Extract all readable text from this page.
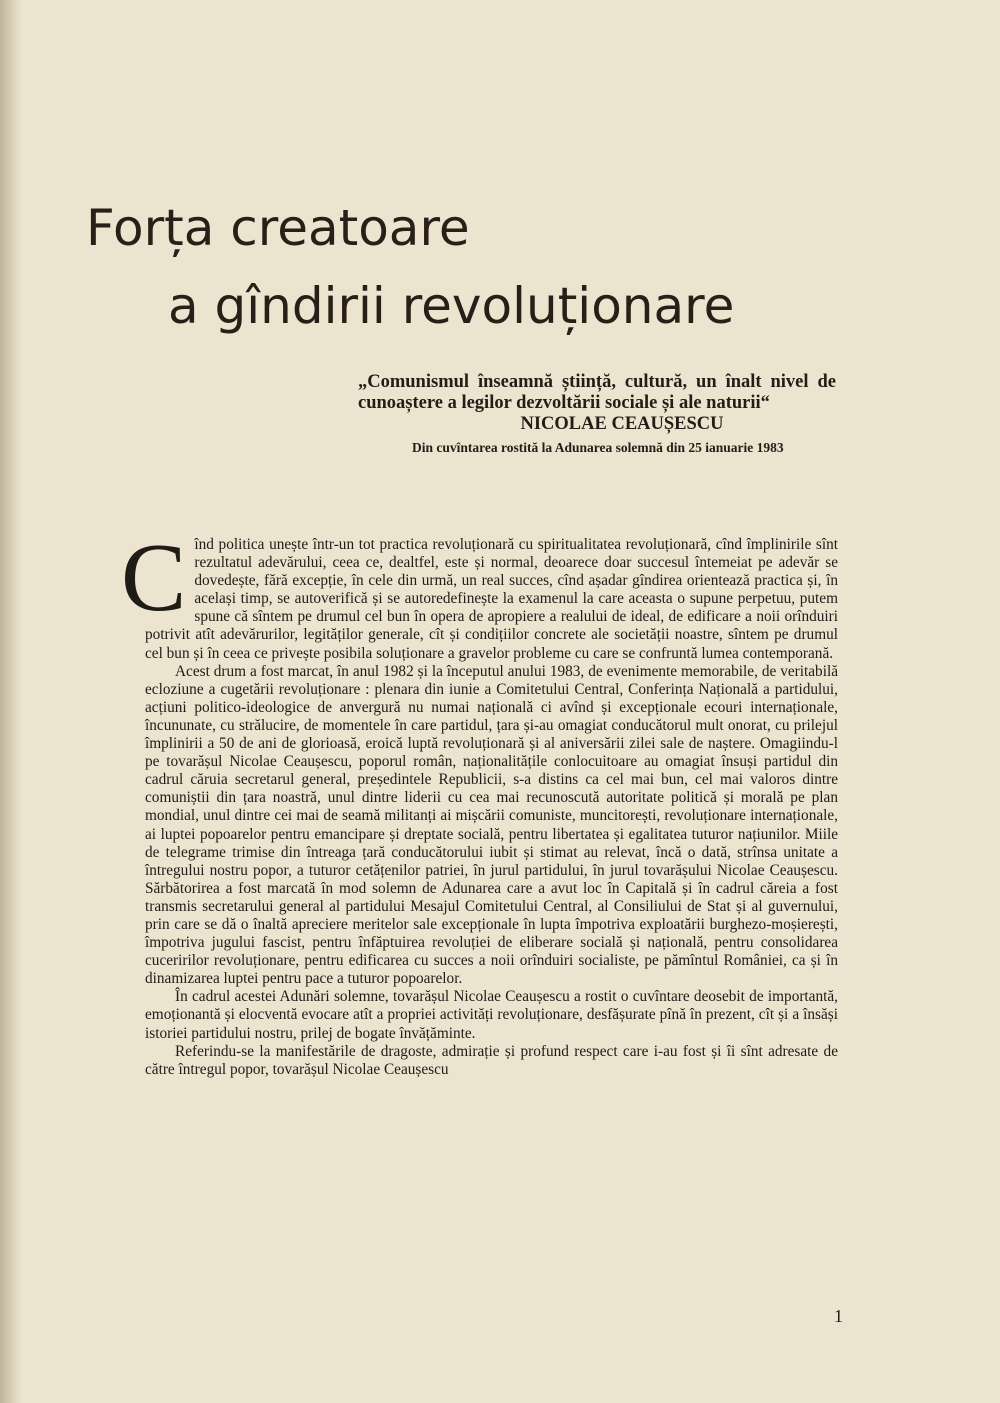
Forța creatoare
a gîndirii revoluționare
„Comunismul înseamnă știință, cultură, un înalt nivel de cunoaștere a legilor dezvoltării sociale și ale naturii“
NICOLAE CEAUȘESCU
Din cuvîntarea rostită la Adunarea solemnă din 25 ianuarie 1983

Cînd politica unește într-un tot practica revoluționară cu spiritualitatea revoluționară, cînd împlinirile sînt rezultatul adevărului, ceea ce, dealtfel, este și normal, deoarece doar succesul întemeiat pe adevăr se dovedește, fără excepție, în cele din urmă, un real succes, cînd așadar gîndirea orientează practica și, în același timp, se autoverifică și se autoredefinește la examenul la care aceasta o supune perpetuu, putem spune că sîntem pe drumul cel bun în opera de apropiere a realului de ideal, de edificare a noii orînduiri potrivit atît adevărurilor, legităților generale, cît și condițiilor concrete ale societății noastre, sîntem pe drumul cel bun și în ceea ce privește posibila soluționare a gravelor probleme cu care se confruntă lumea contemporană.

Acest drum a fost marcat, în anul 1982 și la începutul anului 1983, de evenimente memorabile, de veritabilă ecloziune a cugetării revoluționare : plenara din iunie a Comitetului Central, Conferința Națională a partidului, acțiuni politico-ideologice de anvergură nu numai națională ci avînd și excepționale ecouri internaționale, încununate, cu strălucire, de momentele în care partidul, țara și-au omagiat conducătorul mult onorat, cu prilejul împlinirii a 50 de ani de glorioasă, eroică luptă revoluționară și al aniversării zilei sale de naștere. Omagiindu-l pe tovarășul Nicolae Ceaușescu, poporul român, naționalitățile conlocuitoare au omagiat însuși partidul din cadrul căruia secretarul general, președintele Republicii, s-a distins ca cel mai bun, cel mai valoros dintre comuniștii din țara noastră, unul dintre liderii cu cea mai recunoscută autoritate politică și morală pe plan mondial, unul dintre cei mai de seamă militanți ai mișcării comuniste, muncitorești, revoluționare internaționale, ai luptei popoarelor pentru emancipare și dreptate socială, pentru libertatea și egalitatea tuturor națiunilor. Miile de telegrame trimise din întreaga țară conducătorului iubit și stimat au relevat, încă o dată, strînsa unitate a întregului nostru popor, a tuturor cetățenilor patriei, în jurul partidului, în jurul tovarășului Nicolae Ceaușescu. Sărbătorirea a fost marcată în mod solemn de Adunarea care a avut loc în Capitală și în cadrul căreia a fost transmis secretarului general al partidului Mesajul Comitetului Central, al Consiliului de Stat și al guvernului, prin care se dă o înaltă apreciere meritelor sale excepționale în lupta împotriva exploatării burghezo-moșierești, împotriva jugului fascist, pentru înfăptuirea revoluției de eliberare socială și națională, pentru consolidarea cuceririlor revoluționare, pentru edificarea cu succes a noii orînduiri socialiste, pe pămîntul României, ca și în dinamizarea luptei pentru pace a tuturor popoarelor.

În cadrul acestei Adunări solemne, tovarășul Nicolae Ceaușescu a rostit o cuvîntare deosebit de importantă, emoționantă și elocventă evocare atît a propriei activități revoluționare, desfășurate pînă în prezent, cît și a însăși istoriei partidului nostru, prilej de bogate învățăminte.

Referindu-se la manifestările de dragoste, admirație și profund respect care i-au fost și îi sînt adresate de către întregul popor, tovarășul Nicolae Ceaușescu

1
